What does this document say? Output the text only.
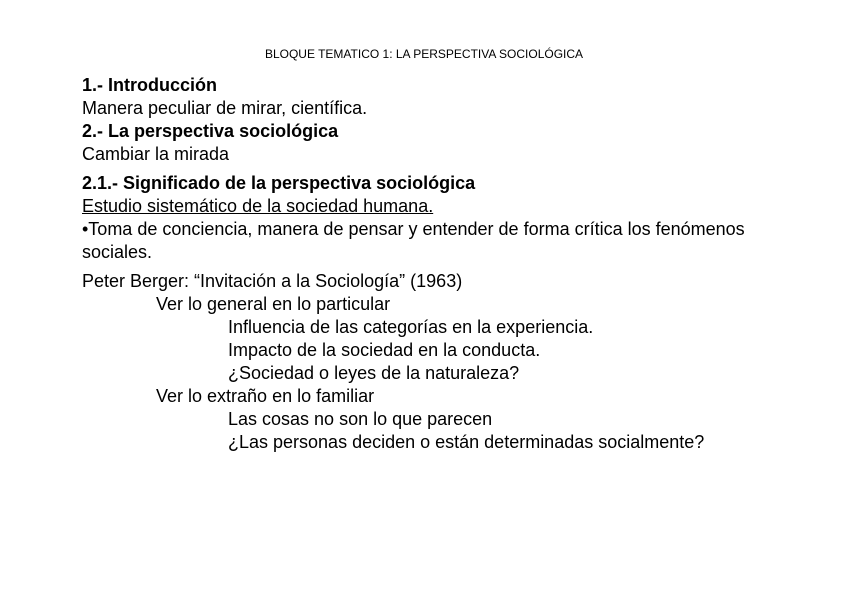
BLOQUE TEMATICO 1: LA PERSPECTIVA SOCIOLÓGICA

1.- Introducción

Manera peculiar de mirar, científica.

2.- La perspectiva sociológica

Cambiar la mirada

2.1.- Significado de la perspectiva sociológica

Estudio sistemático de la sociedad humana.

•Toma de conciencia, manera de pensar y entender de forma crítica los fenómenos sociales.

Peter Berger: “Invitación a la Sociología” (1963)

Ver lo general en lo particular

Influencia de las categorías en la experiencia.

Impacto de la sociedad en la conducta.

¿Sociedad o leyes de la naturaleza?

Ver lo extraño en lo familiar

Las cosas no son lo que parecen

¿Las personas deciden o están determinadas socialmente?
